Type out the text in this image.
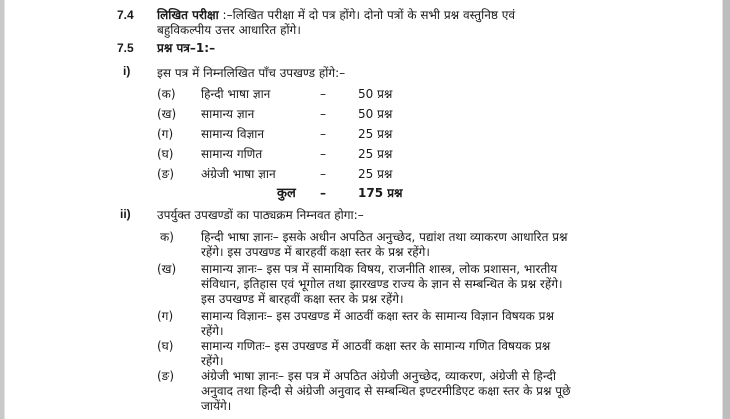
7.4 लिखित परीक्षा :–लिखित परीक्षा में दो पत्र होंगे। दोनो पत्रों के सभी प्रश्न वस्तुनिष्ठ एवं
बहुविकल्पीय उत्तर आधारित होंगे।
7.5 प्रश्न पत्र–1:–
i) इस पत्र में निम्नलिखित पाँच उपखण्ड होंगे:–
(क) हिन्दी भाषा ज्ञान	–	50 प्रश्न
(ख) सामान्य ज्ञान	–	50 प्रश्न
(ग) सामान्य विज्ञान	–	25 प्रश्न
(घ) सामान्य गणित	–	25 प्रश्न
(ङ) अंग्रेजी भाषा ज्ञान	–	25 प्रश्न
कुल –	175 प्रश्न
ii) उपर्युक्त उपखण्डों का पाठ्यक्रम निम्नवत होगा:–
क) हिन्दी भाषा ज्ञानः– इसके अधीन अपठित अनुच्छेद, पद्यांश तथा व्याकरण आधारित प्रश्न
रहेंगे। इस उपखण्ड में बारहवीं कक्षा स्तर के प्रश्न रहेंगे।
(ख) सामान्य ज्ञानः– इस पत्र में सामायिक विषय, राजनीति शास्त्र, लोक प्रशासन, भारतीय
संविधान, इतिहास एवं भूगोल तथा झारखण्ड राज्य के ज्ञान से सम्बन्धित के प्रश्न रहेंगे।
इस उपखण्ड में बारहवीं कक्षा स्तर के प्रश्न रहेंगे।
(ग) सामान्य विज्ञानः– इस उपखण्ड में आठवीं कक्षा स्तर के सामान्य विज्ञान विषयक प्रश्न
रहेंगे।
(घ) सामान्य गणितः– इस उपखण्ड में आठवीं कक्षा स्तर के सामान्य गणित विषयक प्रश्न
रहेंगे।
(ङ) अंग्रेजी भाषा ज्ञानः– इस पत्र में अपठित अंग्रेजी अनुच्छेद, व्याकरण, अंग्रेजी से हिन्दी
अनुवाद तथा हिन्दी से अंग्रेजी अनुवाद से सम्बन्धित इण्टरमीडिएट कक्षा स्तर के प्रश्न पूछे
जायेंगे।
